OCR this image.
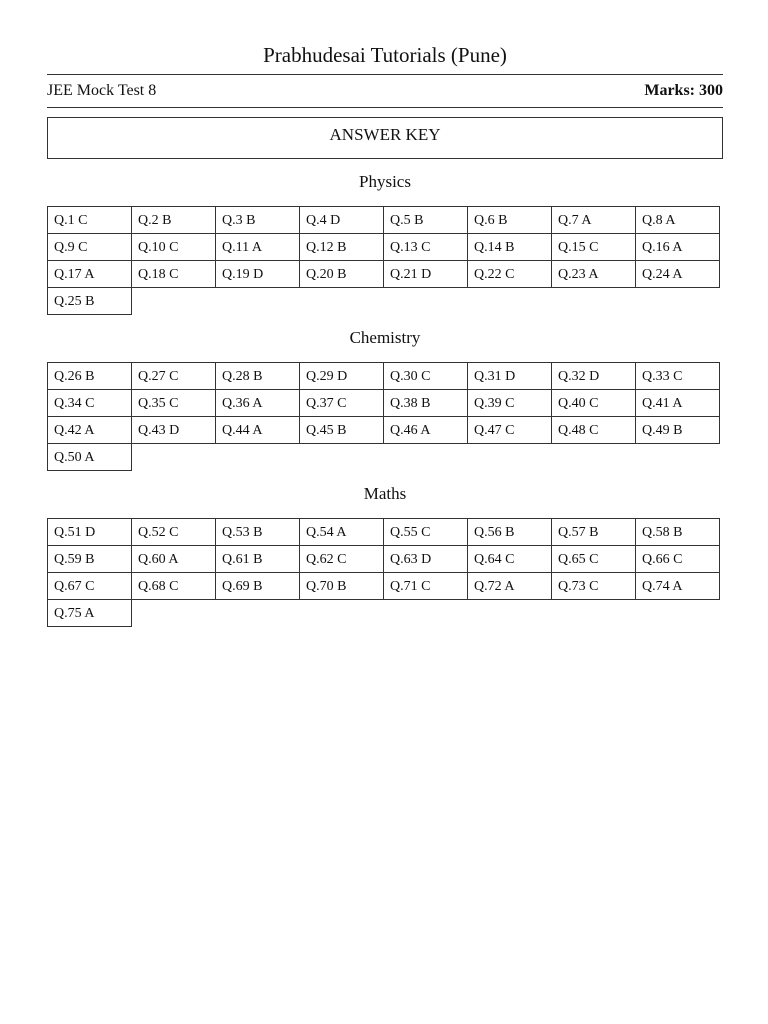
Prabhudesai Tutorials (Pune)
JEE Mock Test 8	Marks: 300
ANSWER KEY
Physics
Q.1 C	Q.2 B	Q.3 B	Q.4 D	Q.5 B	Q.6 B	Q.7 A	Q.8 A
Q.9 C	Q.10 C	Q.11 A	Q.12 B	Q.13 C	Q.14 B	Q.15 C	Q.16 A
Q.17 A	Q.18 C	Q.19 D	Q.20 B	Q.21 D	Q.22 C	Q.23 A	Q.24 A
Q.25 B
Chemistry
Q.26 B	Q.27 C	Q.28 B	Q.29 D	Q.30 C	Q.31 D	Q.32 D	Q.33 C
Q.34 C	Q.35 C	Q.36 A	Q.37 C	Q.38 B	Q.39 C	Q.40 C	Q.41 A
Q.42 A	Q.43 D	Q.44 A	Q.45 B	Q.46 A	Q.47 C	Q.48 C	Q.49 B
Q.50 A
Maths
Q.51 D	Q.52 C	Q.53 B	Q.54 A	Q.55 C	Q.56 B	Q.57 B	Q.58 B
Q.59 B	Q.60 A	Q.61 B	Q.62 C	Q.63 D	Q.64 C	Q.65 C	Q.66 C
Q.67 C	Q.68 C	Q.69 B	Q.70 B	Q.71 C	Q.72 A	Q.73 C	Q.74 A
Q.75 A
